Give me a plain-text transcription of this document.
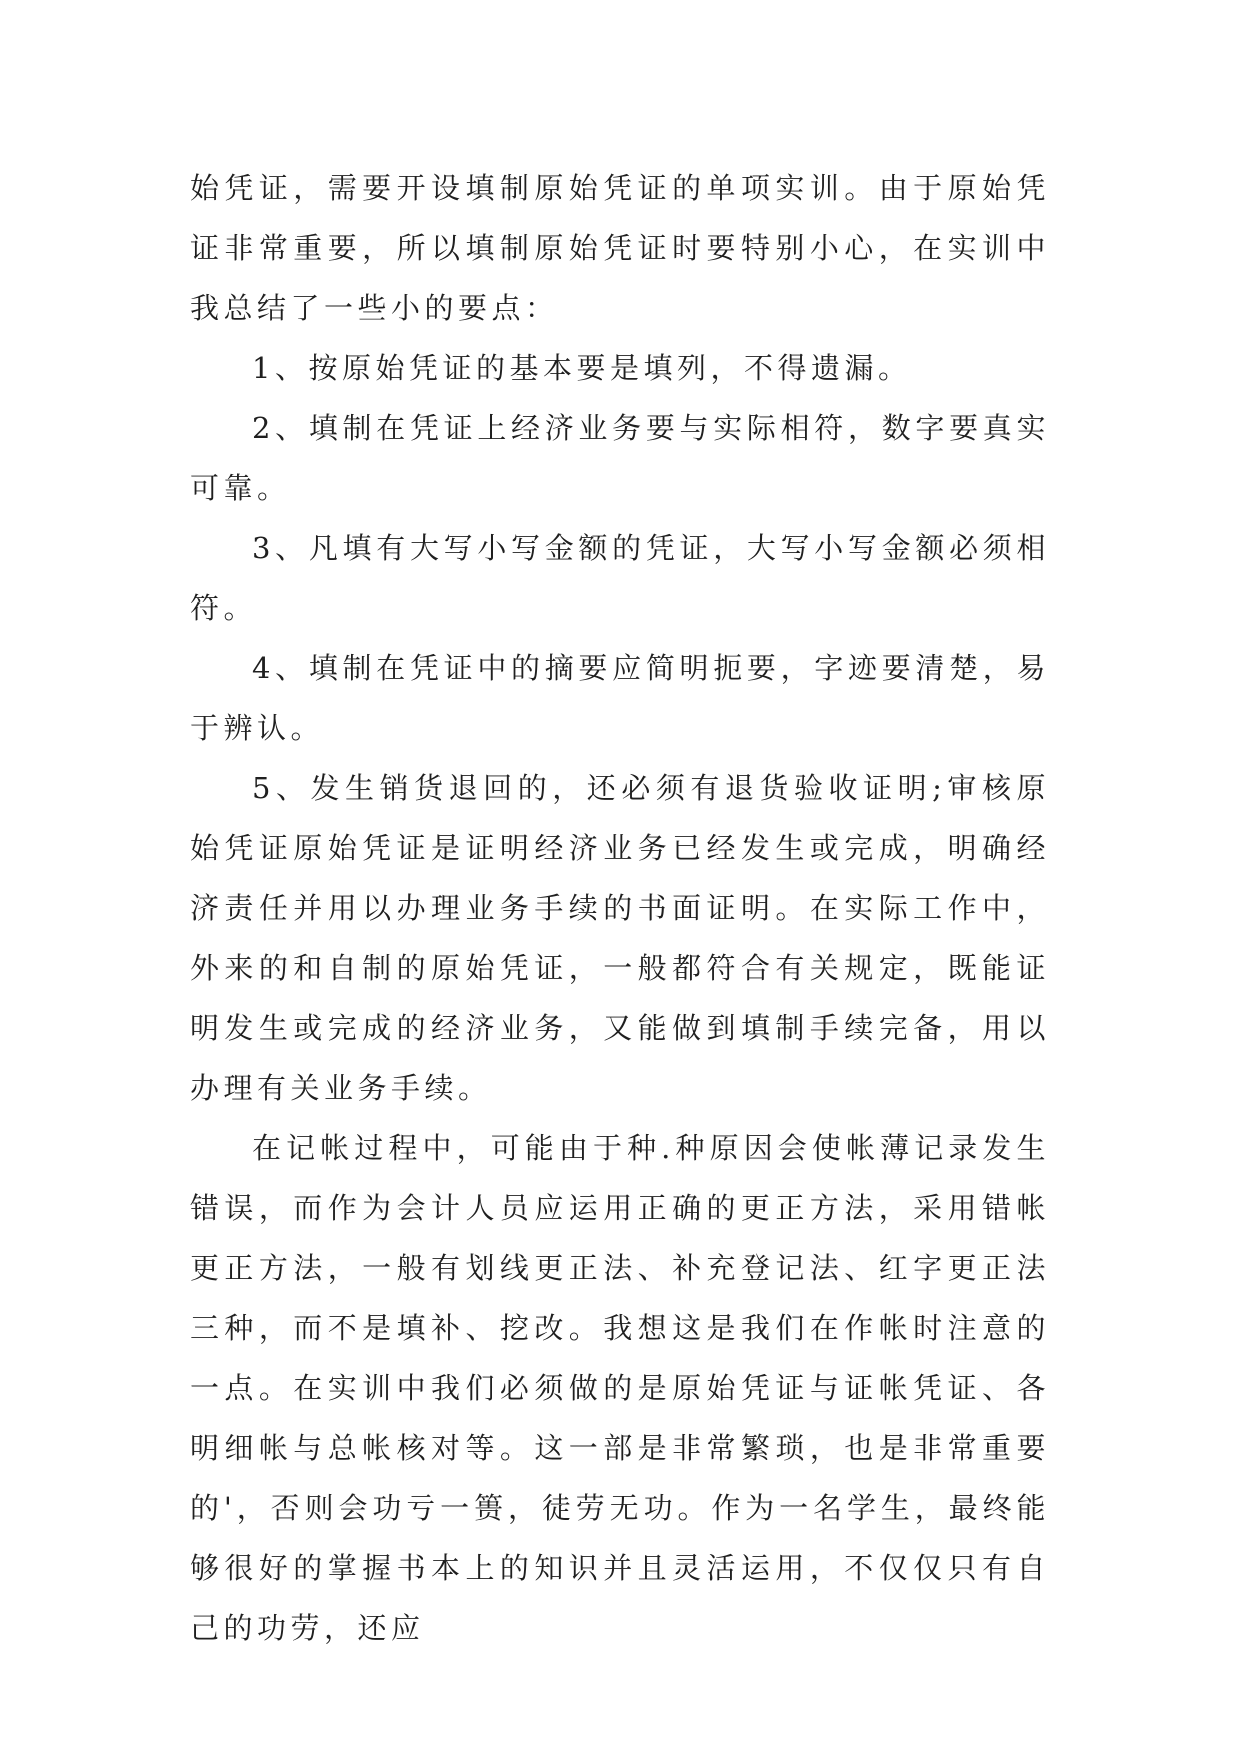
始凭证，需要开设填制原始凭证的单项实训。由于原始凭证非常重要，所以填制原始凭证时要特别小心，在实训中我总结了一些小的要点：

1、按原始凭证的基本要是填列，不得遗漏。

2、填制在凭证上经济业务要与实际相符，数字要真实可靠。

3、凡填有大写小写金额的凭证，大写小写金额必须相符。

4、填制在凭证中的摘要应简明扼要，字迹要清楚，易于辨认。

5、发生销货退回的，还必须有退货验收证明;审核原始凭证原始凭证是证明经济业务已经发生或完成，明确经济责任并用以办理业务手续的书面证明。在实际工作中，外来的和自制的原始凭证，一般都符合有关规定，既能证明发生或完成的经济业务，又能做到填制手续完备，用以办理有关业务手续。

在记帐过程中，可能由于种.种原因会使帐薄记录发生错误，而作为会计人员应运用正确的更正方法，采用错帐更正方法，一般有划线更正法、补充登记法、红字更正法三种，而不是填补、挖改。我想这是我们在作帐时注意的一点。在实训中我们必须做的是原始凭证与证帐凭证、各明细帐与总帐核对等。这一部是非常繁琐，也是非常重要的'，否则会功亏一篑，徒劳无功。作为一名学生，最终能够很好的掌握书本上的知识并且灵活运用，不仅仅只有自己的功劳，还应
